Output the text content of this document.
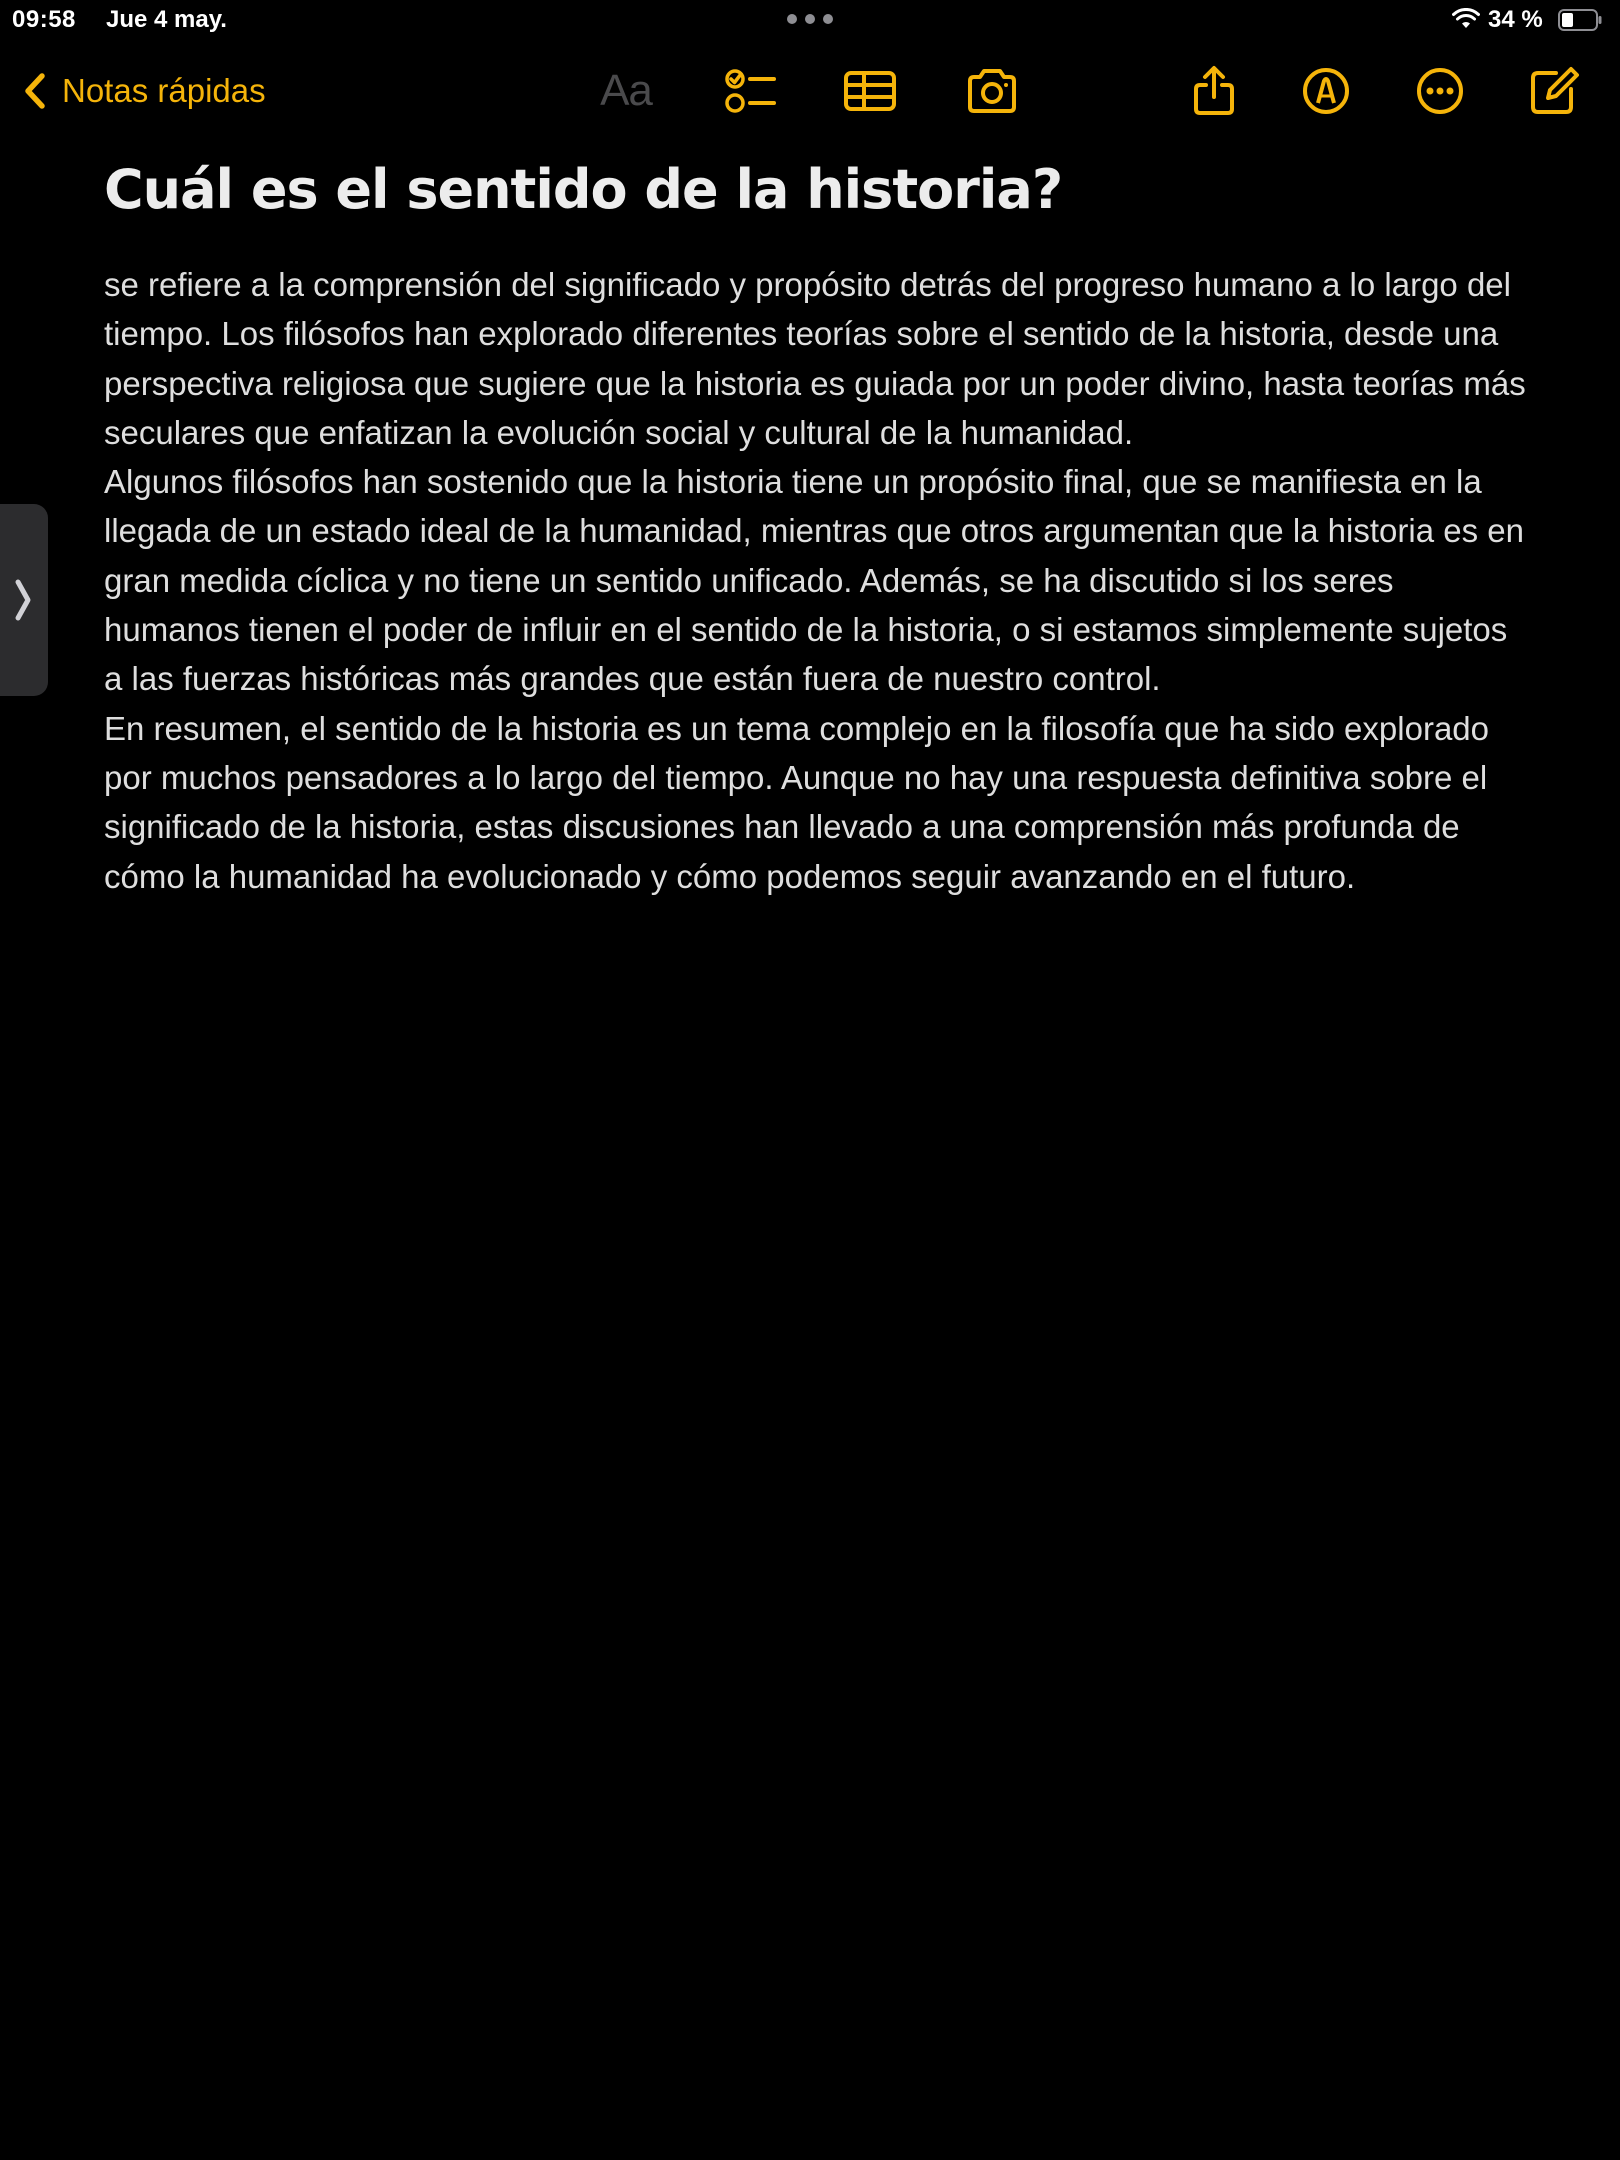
09:58 Jue 4 may.	34 %
Notas rápidas	Aa
Cuál es el sentido de la historia?

se refiere a la comprensión del significado y propósito detrás del progreso humano a lo largo del tiempo. Los filósofos han explorado diferentes teorías sobre el sentido de la historia, desde una perspectiva religiosa que sugiere que la historia es guiada por un poder divino, hasta teorías más seculares que enfatizan la evolución social y cultural de la humanidad.

Algunos filósofos han sostenido que la historia tiene un propósito final, que se manifiesta en la llegada de un estado ideal de la humanidad, mientras que otros argumentan que la historia es en gran medida cíclica y no tiene un sentido unificado. Además, se ha discutido si los seres humanos tienen el poder de influir en el sentido de la historia, o si estamos simplemente sujetos a las fuerzas históricas más grandes que están fuera de nuestro control.

En resumen, el sentido de la historia es un tema complejo en la filosofía que ha sido explorado por muchos pensadores a lo largo del tiempo. Aunque no hay una respuesta definitiva sobre el significado de la historia, estas discusiones han llevado a una comprensión más profunda de cómo la humanidad ha evolucionado y cómo podemos seguir avanzando en el futuro.
